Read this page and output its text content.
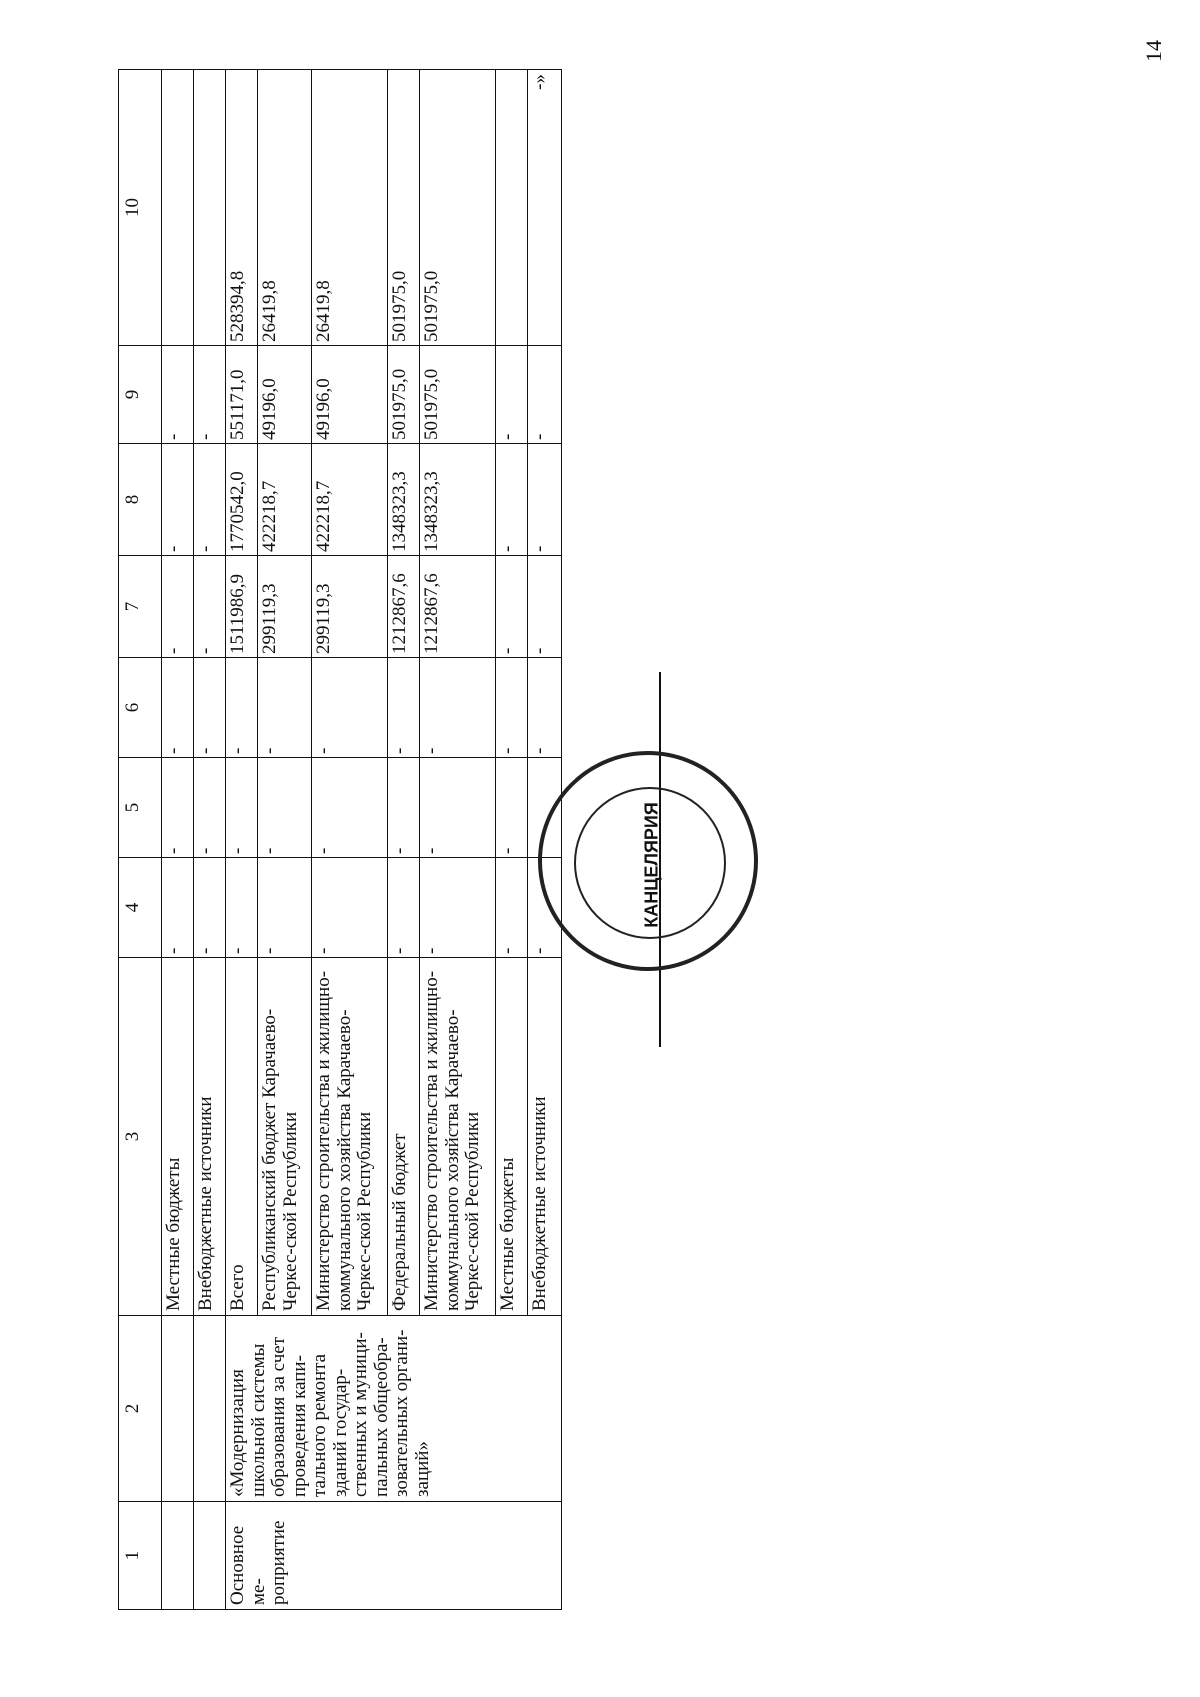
14
1	2	3	4	5	6	7	8	9	10
		Местные бюджеты	-	-	-	-	-	-	
		Внебюджетные источники	-	-	-	-	-	-	
Основное ме-роприятие	«Модернизация школьной системы образования за счет проведения капи-тального ремонта зданий государ-ственных и муници-пальных общеобра-зовательных органи-заций»	Всего	-	-	-	1511986,9	1770542,0	551171,0	528394,8
		Республиканский бюджет Карачаево-Черкес-ской Республики	-	-	-	299119,3	422218,7	49196,0	26419,8
		Министерство строительства и жилищно-коммунального хозяйства Карачаево-Черкес-ской Республики	-	-	-	299119,3	422218,7	49196,0	26419,8
		Федеральный бюджет	-	-	-	1212867,6	1348323,3	501975,0	501975,0
		Министерство строительства и жилищно-коммунального хозяйства Карачаево-Черкес-ской Республики	-	-	-	1212867,6	1348323,3	501975,0	501975,0
		Местные бюджеты	-	-	-	-	-	-	
		Внебюджетные источники	-	-	-	-	-	-	-»
КАНЦЕЛЯРИЯ
